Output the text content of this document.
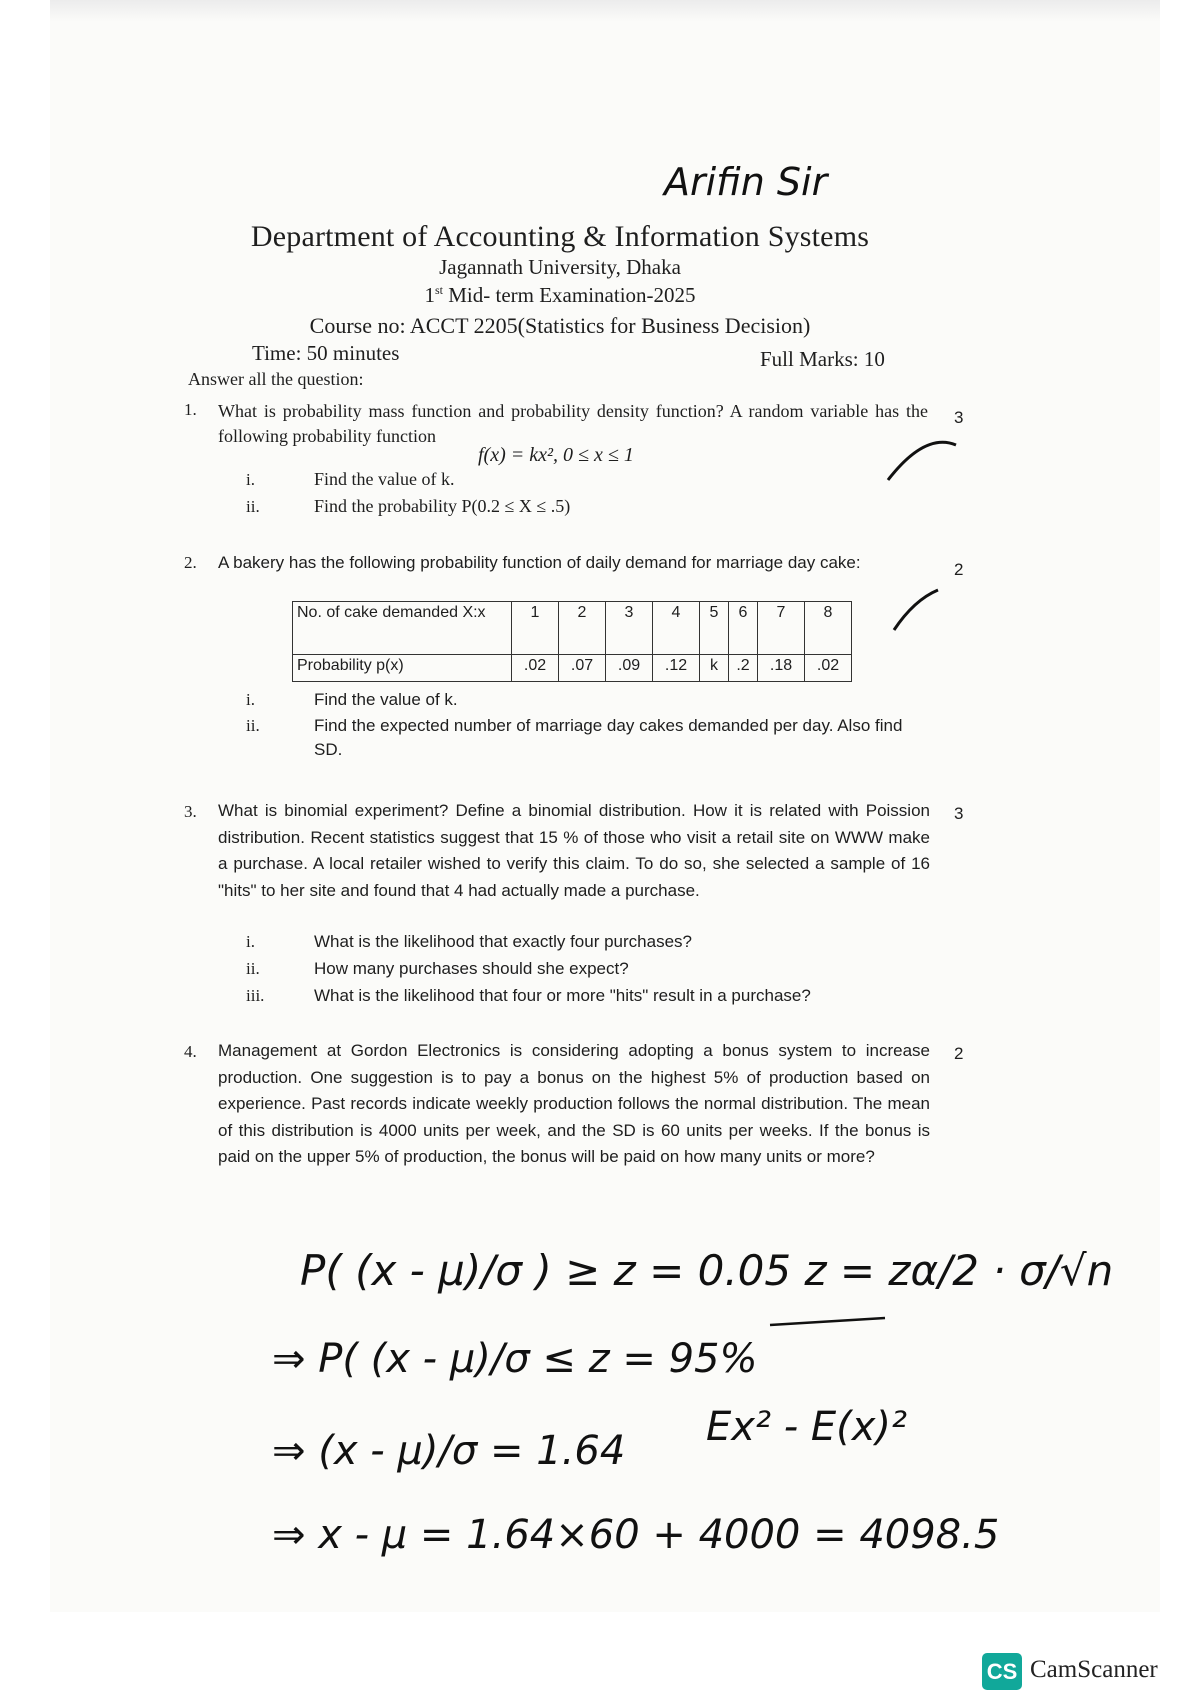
Arifin Sir
Department of Accounting & Information Systems
Jagannath University, Dhaka
1st Mid- term Examination-2025
Course no: ACCT 2205(Statistics for Business Decision)
Time: 50 minutes	Full Marks: 10
Answer all the question:
1. What is probability mass function and probability density function? A random variable has the following probability function
3
f(x) = kx², 0 ≤ x ≤ 1
i.	Find the value of k.
ii.	Find the probability P(0.2 ≤ X ≤ .5)
2. A bakery has the following probability function of daily demand for marriage day cake:	2
No. of cake demanded X:x	1	2	3	4	5	6	7	8
Probability p(x)	.02	.07	.09	.12	k	.2	.18	.02
i.	Find the value of k.
ii.	Find the expected number of marriage day cakes demanded per day. Also find SD.
3. What is binomial experiment? Define a binomial distribution. How it is related with Poission distribution. Recent statistics suggest that 15 % of those who visit a retail site on WWW make a purchase. A local retailer wished to verify this claim. To do so, she selected a sample of 16 "hits" to her site and found that 4 had actually made a purchase.
3
i.	What is the likelihood that exactly four purchases?
ii.	How many purchases should she expect?
iii.	What is the likelihood that four or more "hits" result in a purchase?
4. Management at Gordon Electronics is considering adopting a bonus system to increase production. One suggestion is to pay a bonus on the highest 5% of production based on experience. Past records indicate weekly production follows the normal distribution. The mean of this distribution is 4000 units per week, and the SD is 60 units per weeks. If the bonus is paid on the upper 5% of production, the bonus will be paid on how many units or more?
2
P( (x - μ)/σ ) ≥ z = 0.05 z = zα/2 · σ/√n
⇒ P( (x - μ)/σ ≤ z = 95%
⇒ (x - μ)/σ = 1.64
Ex² - E(x)²
⇒ x - μ = 1.64×60 + 4000 = 4098.5
CS CamScanner
